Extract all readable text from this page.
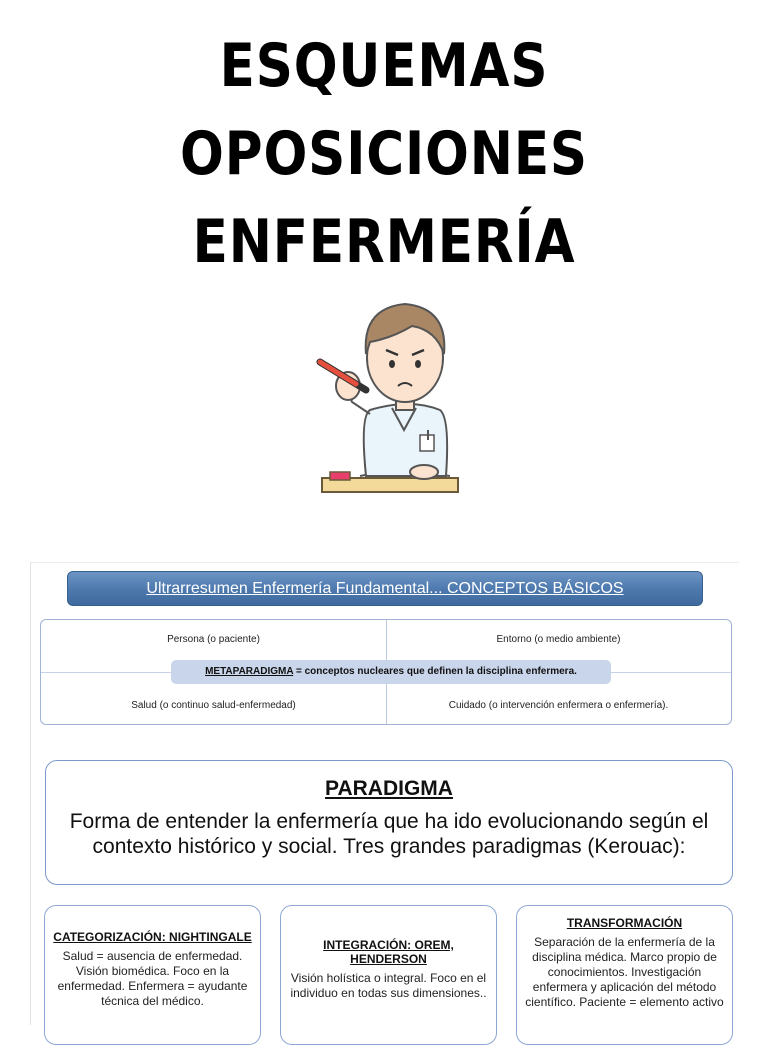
ESQUEMAS
OPOSICIONES
ENFERMERÍA
Ultrarresumen Enfermería Fundamental... CONCEPTOS BÁSICOS
Persona (o paciente)	Entorno (o medio ambiente)
METAPARADIGMA = conceptos nucleares que definen la disciplina enfermera.
Salud (o continuo salud-enfermedad)	Cuidado (o intervención enfermera o enfermería).
PARADIGMA
Forma de entender la enfermería que ha ido evolucionando según el contexto histórico y social. Tres grandes paradigmas (Kerouac):
CATEGORIZACIÓN: NIGHTINGALE
Salud = ausencia de enfermedad. Visión biomédica. Foco en la enfermedad. Enfermera = ayudante técnica del médico.
INTEGRACIÓN: OREM, HENDERSON
Visión holística o integral. Foco en el individuo en todas sus dimensiones..
TRANSFORMACIÓN
Separación de la enfermería de la disciplina médica. Marco propio de conocimientos. Investigación enfermera y aplicación del método científico. Paciente = elemento activo
